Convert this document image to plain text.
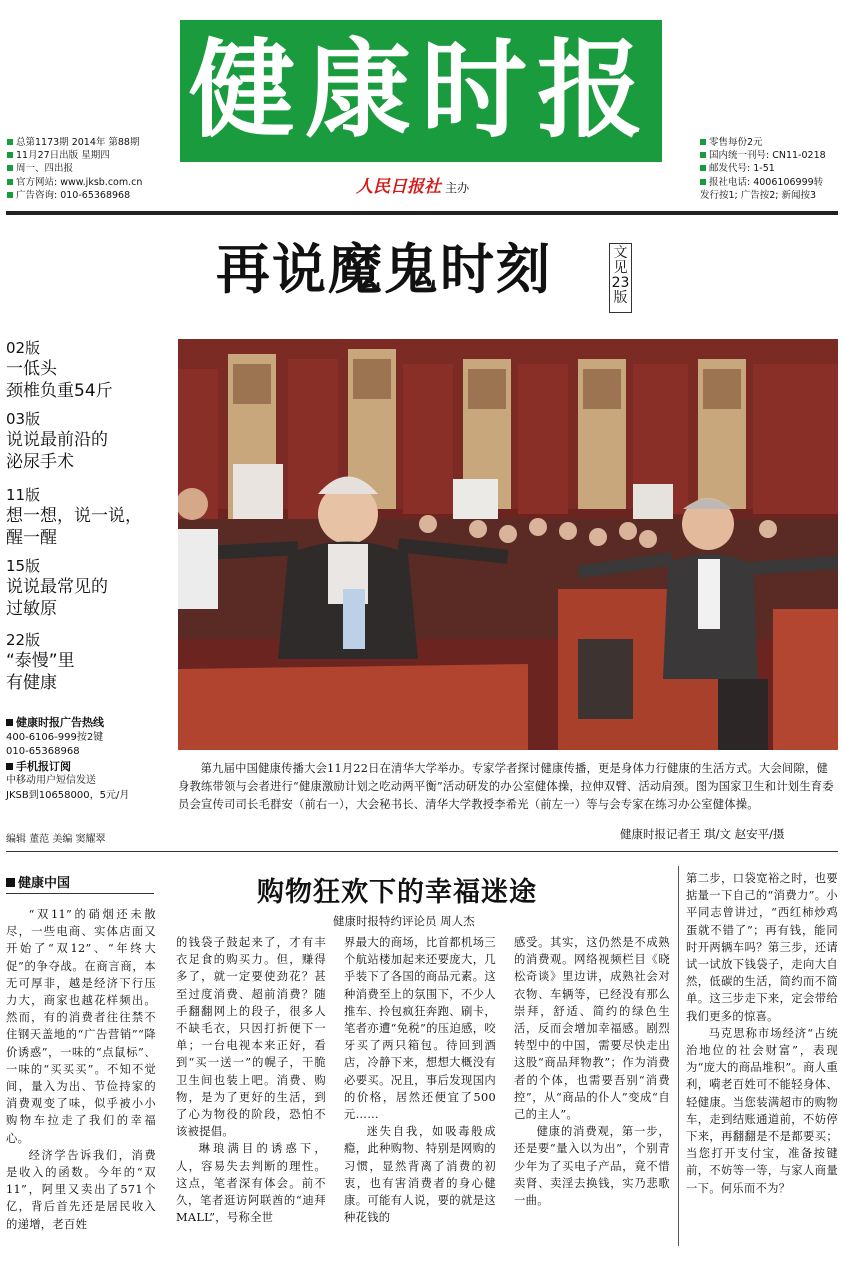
健康时报
人民日报社 主办
总第1173期 2014年 第88期
11月27日出版 星期四
周一、四出报
官方网站: www.jksb.com.cn
广告咨询: 010-65368968
零售每份2元
国内统一刊号: CN11-0218
邮发代号: 1-51
报社电话: 4006106999转
发行按1; 广告按2; 新闻按3
再说魔鬼时刻	文见23版
02版
一低头
颈椎负重54斤
03版
说说最前沿的
泌尿手术
11版
想一想，说一说，
醒一醒
15版
说说最常见的
过敏原
22版
“泰慢”里
有健康
健康时报广告热线
400-6106-999按2键
010-65368968
手机报订阅
中移动用户短信发送
JKSB到10658000，5元/月
编辑 董范 美编 窦耀翠
第九届中国健康传播大会11月22日在清华大学举办。专家学者探讨健康传播，更是身体力行健康的生活方式。大会间隙，健身教练带领与会者进行“健康激励计划之吃动两平衡”活动研发的办公室健体操，拉伸双臂、活动肩颈。图为国家卫生和计划生育委员会宣传司司长毛群安（前右一），大会秘书长、清华大学教授李希光（前左一）等与会专家在练习办公室健体操。
健康时报记者王 琪/文 赵安平/摄
健康中国	购物狂欢下的幸福迷途
健康时报特约评论员 周人杰

“双11”的硝烟还未散尽，一些电商、实体店面又开始了“双12”、“年终大促”的争夺战。在商言商，本无可厚非，越是经济下行压力大，商家也越花样频出。然而，有的消费者往往禁不住钢天盖地的“广告营销”“降价诱惑”，一味的“点鼠标”、一味的“买买买”。不知不觉间，量入为出、节俭持家的消费观变了味，似乎被小小购物车拉走了我们的幸福心。

经济学告诉我们，消费是收入的函数。今年的“双11”，阿里又卖出了571个亿，背后首先还是居民收入的递增，老百姓

的钱袋子鼓起来了，才有丰衣足食的购买力。但，赚得多了，就一定要使劲花？甚至过度消费、超前消费？随手翻翻网上的段子，很多人不缺毛衣，只因打折便下一单；一台电视本来正好，看到“买一送一”的幌子，干脆卫生间也装上吧。消费、购物，是为了更好的生活，到了心为物役的阶段，恐怕不该被提倡。

琳琅满目的诱惑下，人，容易失去判断的理性。这点，笔者深有体会。前不久，笔者逛访阿联酋的“迪拜MALL”，号称全世

界最大的商场，比首都机场三个航站楼加起来还要庞大，几乎装下了各国的商品元素。这种消费至上的氛围下，不少人推车、拎包疯狂奔跑、刷卡，笔者亦遭“免税”的压迫感，咬牙买了两只箱包。待回到酒店，冷静下来，想想大概没有必要买。况且，事后发现国内的价格，居然还便宜了500元……

迷失自我，如吸毒般成瘾，此种购物、特别是网购的习惯，显然背离了消费的初衷，也有害消费者的身心健康。可能有人说，要的就是这种花钱的

感受。其实，这仍然是不成熟的消费观。网络视频栏目《晓松奇谈》里边讲，成熟社会对衣物、车辆等，已经没有那么崇拜，舒适、简约的绿色生活，反而会增加幸福感。剧烈转型中的中国，需要尽快走出这股“商品拜物教”；作为消费者的个体，也需要吾别“消费控”，从“商品的仆人”变成“自己的主人”。

健康的消费观，第一步，还是要“量入以为出”，个别青少年为了买电子产品，竟不惜卖肾、卖淫去换钱，实乃悲歌一曲。

第二步，口袋宽裕之时，也要掂量一下自己的“消费力”。小平同志曾讲过，“西红柿炒鸡蛋就不错了”；再有钱，能同时开两辆车吗？第三步，还请试一试放下钱袋子，走向大自然，低碳的生活，简约而不简单。这三步走下来，定会带给我们更多的惊喜。

马克思称市场经济“占统治地位的社会财富”，表现为“庞大的商品堆积”。商人重利，嗬老百姓可不能轻身体、轻健康。当您装满超市的购物车，走到结账通道前，不妨停下来，再翻翻是不是都要买；当您打开支付宝，准备按键前，不妨等一等，与家人商量一下。何乐而不为？
